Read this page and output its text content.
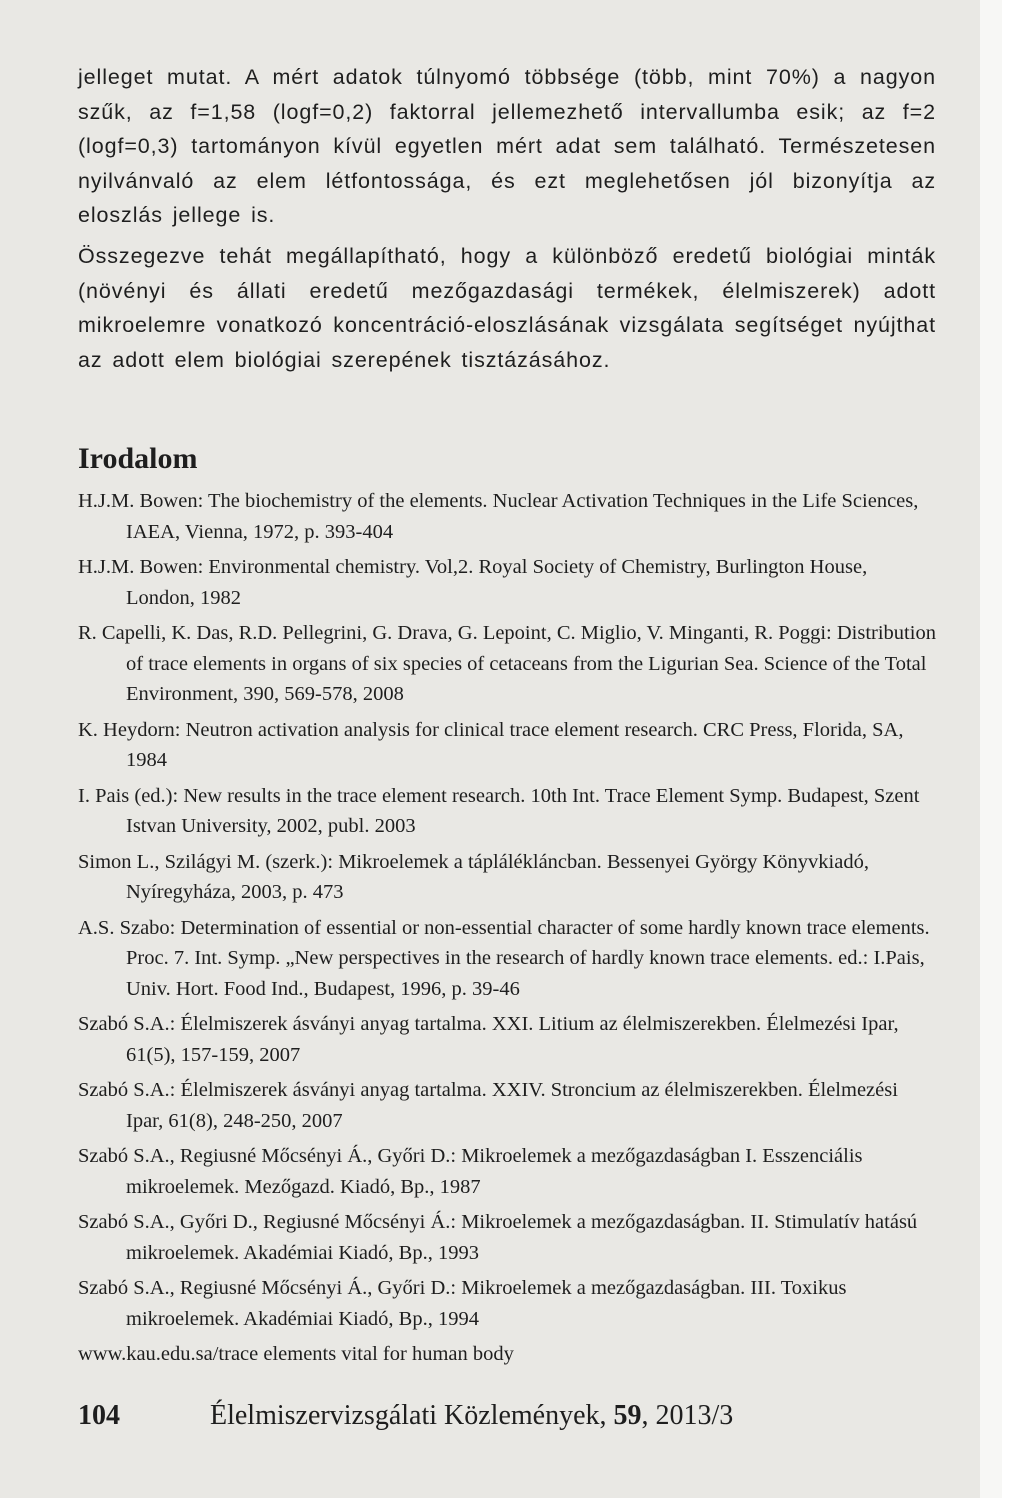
jelleget mutat. A mért adatok túlnyomó többsége (több, mint 70%) a nagyon szűk, az f=1,58 (logf=0,2) faktorral jellemezhető intervallumba esik; az f=2 (logf=0,3) tartományon kívül egyetlen mért adat sem található. Természetesen nyilvánvaló az elem létfontossága, és ezt meglehetősen jól bizonyítja az eloszlás jellege is.

Összegezve tehát megállapítható, hogy a különböző eredetű biológiai minták (növényi és állati eredetű mezőgazdasági termékek, élelmiszerek) adott mikroelemre vonatkozó koncentráció-eloszlásának vizsgálata segítséget nyújthat az adott elem biológiai szerepének tisztázásához.

Irodalom
H.J.M. Bowen: The biochemistry of the elements. Nuclear Activation Techniques in the Life Sciences, IAEA, Vienna, 1972, p. 393-404
H.J.M. Bowen: Environmental chemistry. Vol,2. Royal Society of Chemistry, Burlington House, London, 1982
R. Capelli, K. Das, R.D. Pellegrini, G. Drava, G. Lepoint, C. Miglio, V. Minganti, R. Poggi: Distribution of trace elements in organs of six species of cetaceans from the Ligurian Sea. Science of the Total Environment, 390, 569-578, 2008
K. Heydorn: Neutron activation analysis for clinical trace element research. CRC Press, Florida, SA, 1984
I. Pais (ed.): New results in the trace element research. 10th Int. Trace Element Symp. Budapest, Szent Istvan University, 2002, publ. 2003
Simon L., Szilágyi M. (szerk.): Mikroelemek a táplálékláncban. Bessenyei György Könyvkiadó, Nyíregyháza, 2003, p. 473
A.S. Szabo: Determination of essential or non-essential character of some hardly known trace elements. Proc. 7. Int. Symp. „New perspectives in the research of hardly known trace elements. ed.: I.Pais, Univ. Hort. Food Ind., Budapest, 1996, p. 39-46
Szabó S.A.: Élelmiszerek ásványi anyag tartalma. XXI. Litium az élelmiszerekben. Élelmezési Ipar, 61(5), 157-159, 2007
Szabó S.A.: Élelmiszerek ásványi anyag tartalma. XXIV. Stroncium az élelmiszerekben. Élelmezési Ipar, 61(8), 248-250, 2007
Szabó S.A., Regiusné Mőcsényi Á., Győri D.: Mikroelemek a mezőgazdaságban I. Esszenciális mikroelemek. Mezőgazd. Kiadó, Bp., 1987
Szabó S.A., Győri D., Regiusné Mőcsényi Á.: Mikroelemek a mezőgazdaságban. II. Stimulatív hatású mikroelemek. Akadémiai Kiadó, Bp., 1993
Szabó S.A., Regiusné Mőcsényi Á., Győri D.: Mikroelemek a mezőgazdaságban. III. Toxikus mikroelemek. Akadémiai Kiadó, Bp., 1994
www.kau.edu.sa/trace elements vital for human body
104	Élelmiszervizsgálati Közlemények, 59, 2013/3
